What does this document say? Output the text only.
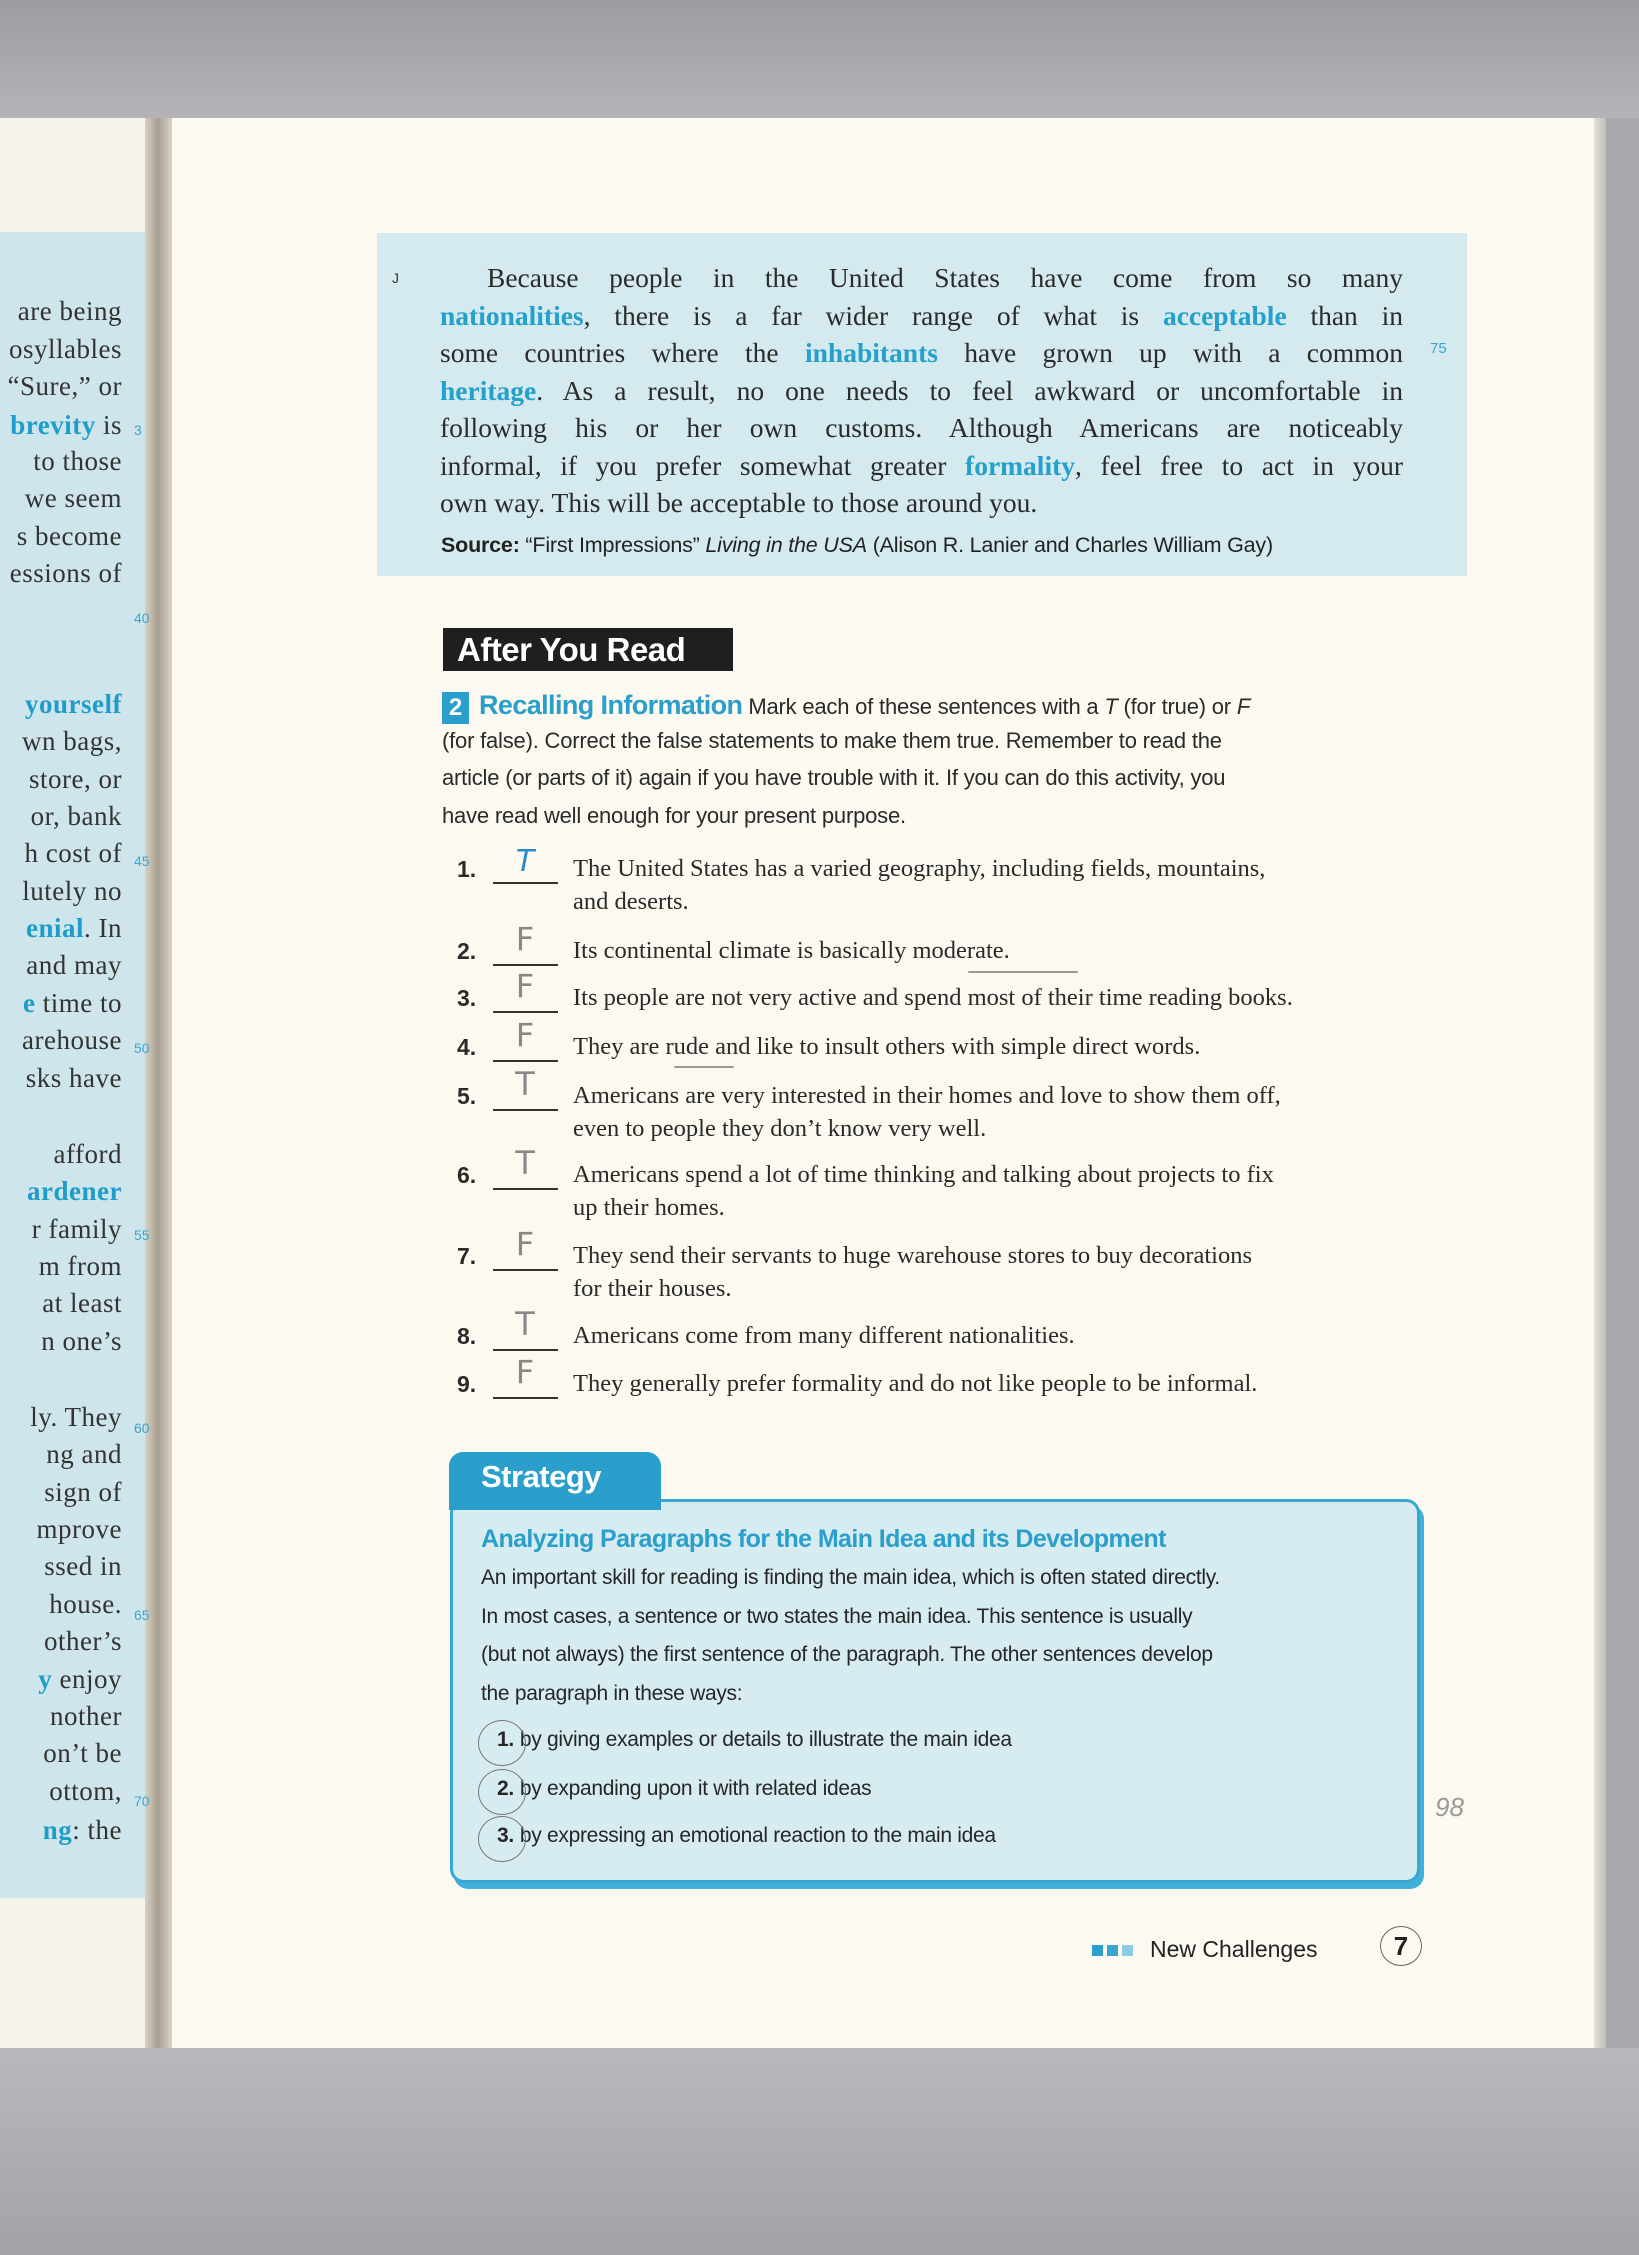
J
75
Because people in the United States have come from so many
nationalities, there is a far wider range of what is acceptable than in
some countries where the inhabitants have grown up with a common
heritage. As a result, no one needs to feel awkward or uncomfortable in
following his or her own customs. Although Americans are noticeably
informal, if you prefer somewhat greater formality, feel free to act in your
own way. This will be acceptable to those around you.
Source: “First Impressions” Living in the USA (Alison R. Lanier and Charles William Gay)
After You Read
2 Recalling Information Mark each of these sentences with a T (for true) or F
(for false). Correct the false statements to make them true. Remember to read the
article (or parts of it) again if you have trouble with it. If you can do this activity, you
have read well enough for your present purpose.
1.	T	The United States has a varied geography, including fields, mountains,
and deserts.
2.	F	Its continental climate is basically moderate.
3.	F	Its people are not very active and spend most of their time reading books.
4.	F	They are rude and like to insult others with simple direct words.
5.	T	Americans are very interested in their homes and love to show them off,
even to people they don’t know very well.
6.	T	Americans spend a lot of time thinking and talking about projects to fix
up their homes.
7.	F	They send their servants to huge warehouse stores to buy decorations
for their houses.
8.	T	Americans come from many different nationalities.
9.	F	They generally prefer formality and do not like people to be informal.
Strategy
Analyzing Paragraphs for the Main Idea and its Development
An important skill for reading is finding the main idea, which is often stated directly.
In most cases, a sentence or two states the main idea. This sentence is usually
(but not always) the first sentence of the paragraph. The other sentences develop
the paragraph in these ways:
1. by giving examples or details to illustrate the main idea
2. by expanding upon it with related ideas
3. by expressing an emotional reaction to the main idea
98
New Challenges	7
are being
osyllables
“Sure,” or
brevity is
to those
we seem
s become
essions of
yourself
wn bags,
store, or
or, bank
h cost of
lutely no
enial. In
and may
e time to
arehouse
sks have
afford
ardener
r family
m from
at least
n one’s
ly. They
ng and
sign of
mprove
ssed in
house.
other’s
y enjoy
nother
on’t be
ottom,
ng: the
3
40
45
50
55
60
65
70
